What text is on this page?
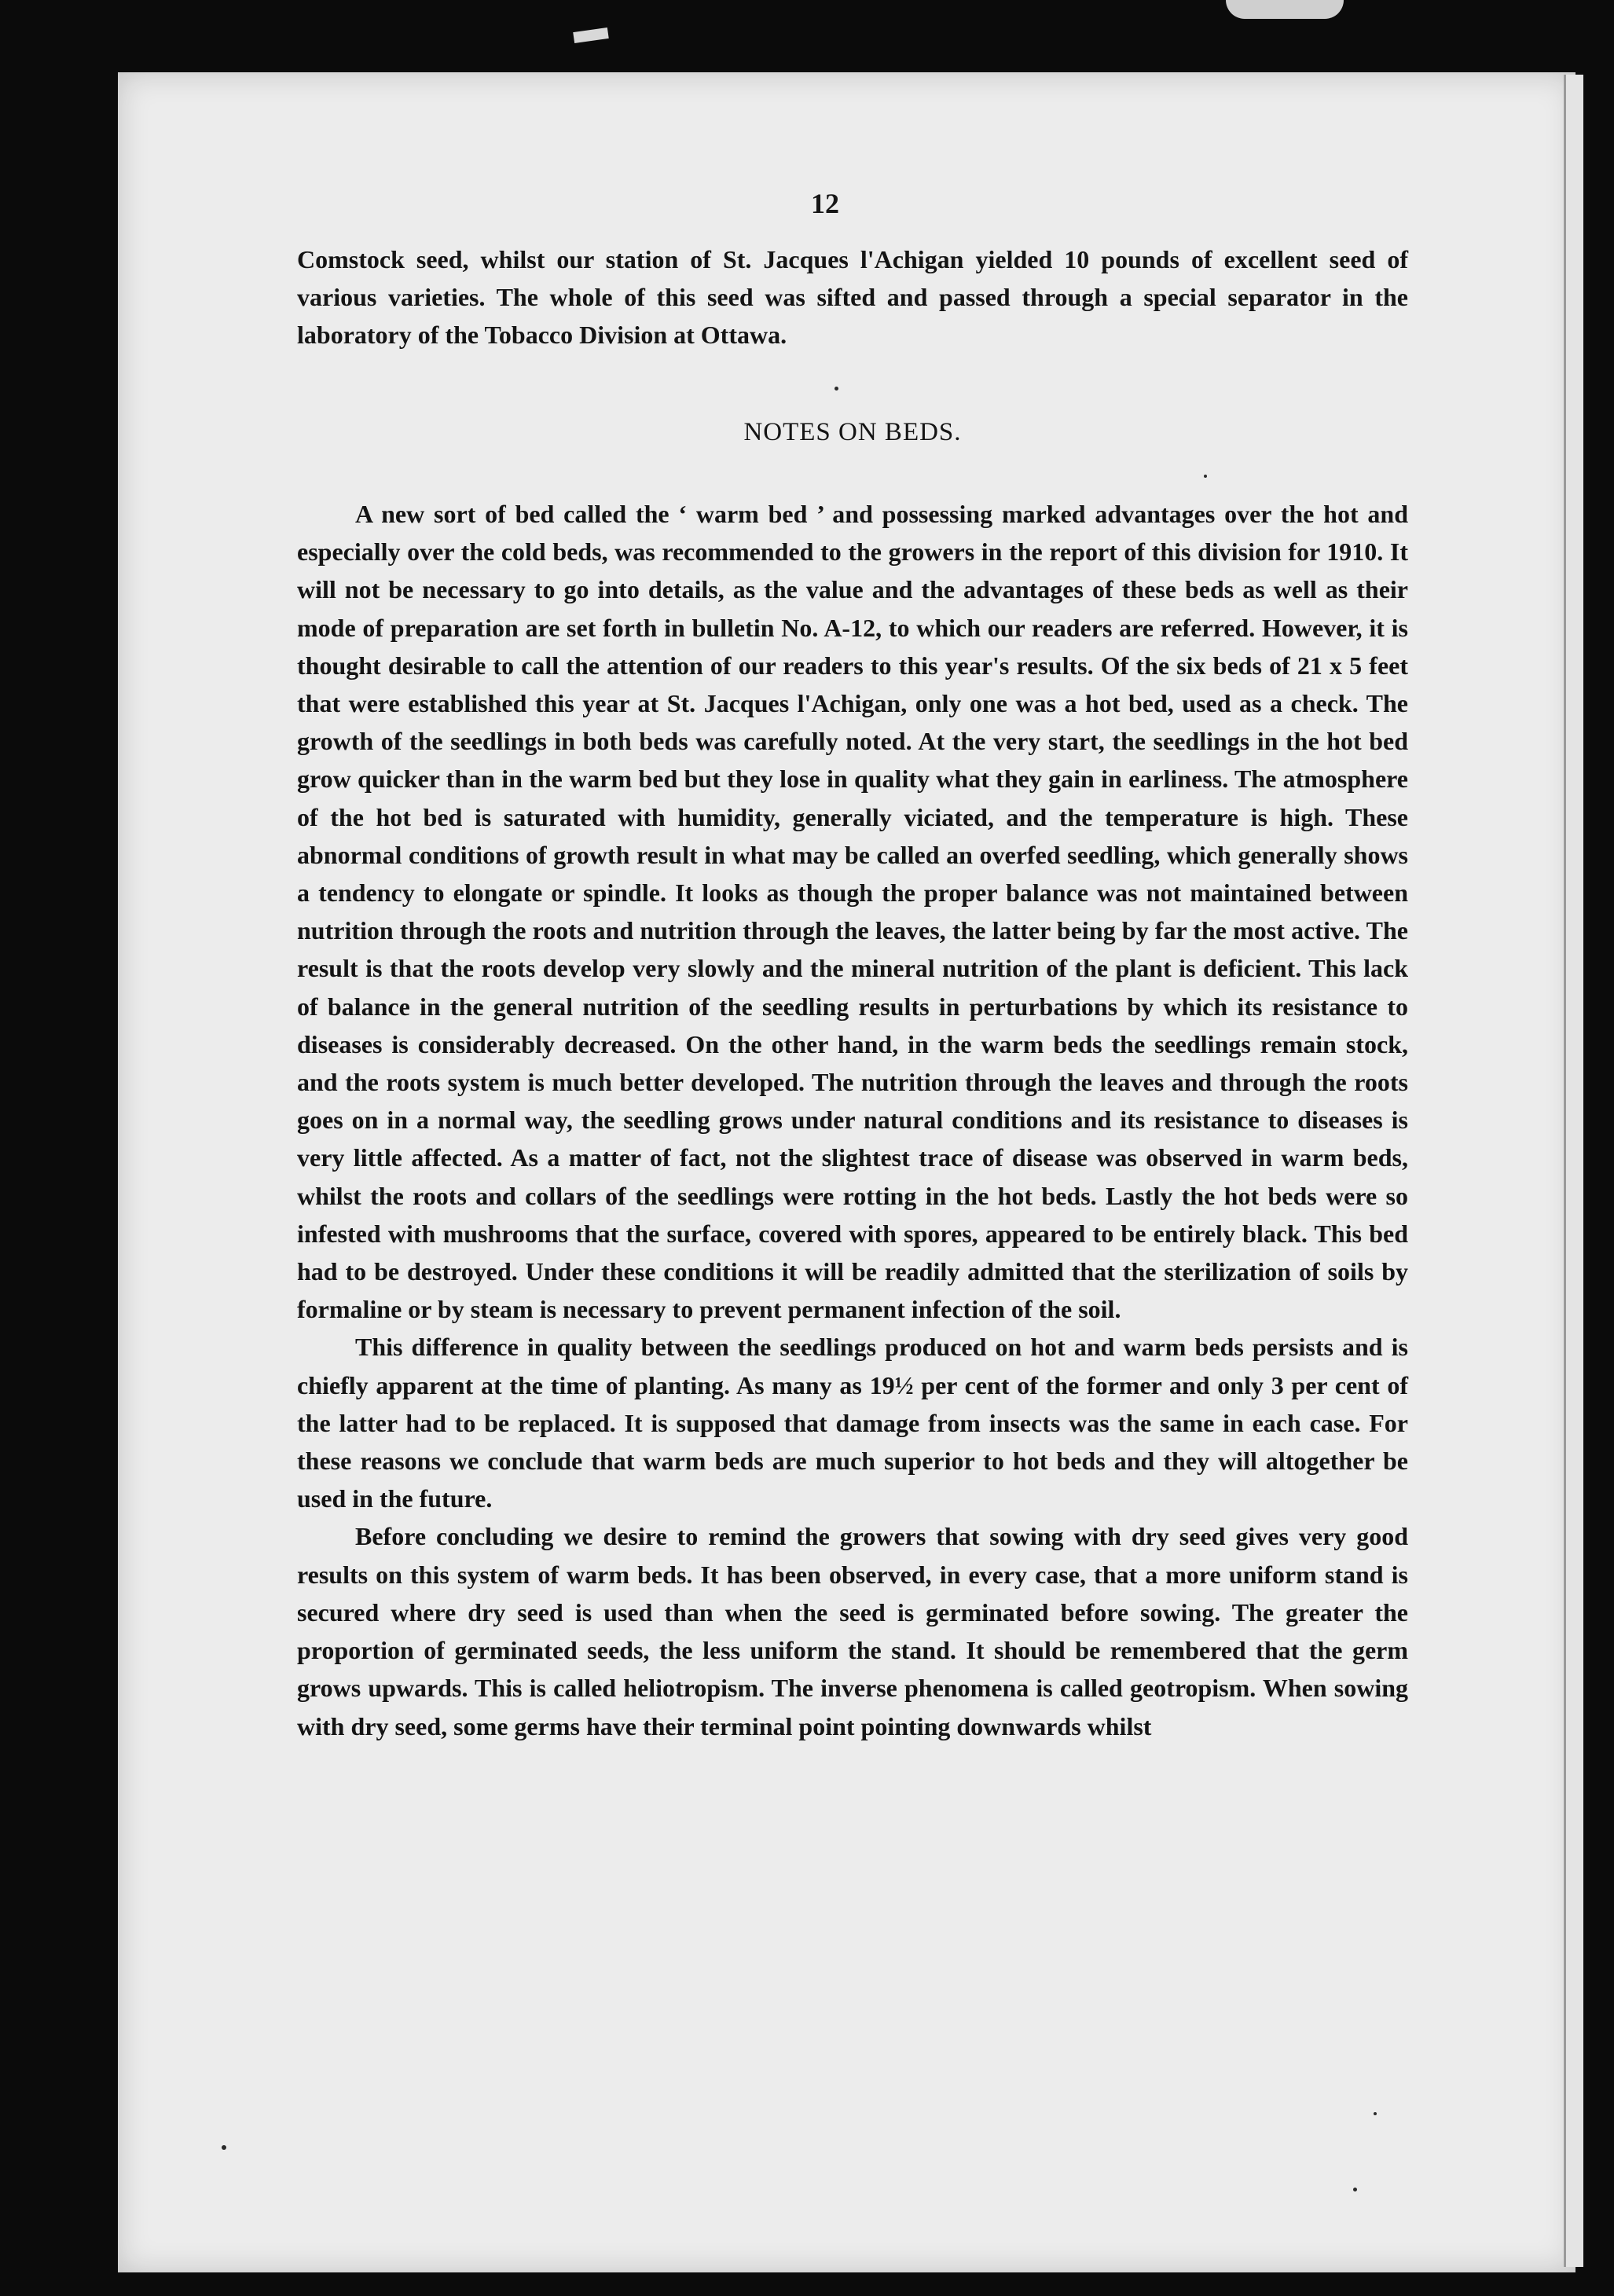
12

Comstock seed, whilst our station of St. Jacques l'Achigan yielded 10 pounds of excellent seed of various varieties. The whole of this seed was sifted and passed through a special separator in the laboratory of the Tobacco Division at Ottawa.

NOTES ON BEDS.

A new sort of bed called the ‘ warm bed ’ and possessing marked advantages over the hot and especially over the cold beds, was recommended to the growers in the report of this division for 1910. It will not be necessary to go into details, as the value and the advantages of these beds as well as their mode of preparation are set forth in bulletin No. A-12, to which our readers are referred. However, it is thought desirable to call the attention of our readers to this year's results. Of the six beds of 21 x 5 feet that were established this year at St. Jacques l'Achigan, only one was a hot bed, used as a check. The growth of the seedlings in both beds was carefully noted. At the very start, the seedlings in the hot bed grow quicker than in the warm bed but they lose in quality what they gain in earliness. The atmosphere of the hot bed is saturated with humidity, generally viciated, and the temperature is high. These abnormal conditions of growth result in what may be called an overfed seedling, which generally shows a tendency to elongate or spindle. It looks as though the proper balance was not maintained between nutrition through the roots and nutrition through the leaves, the latter being by far the most active. The result is that the roots develop very slowly and the mineral nutrition of the plant is deficient. This lack of balance in the general nutrition of the seedling results in perturbations by which its resistance to diseases is considerably decreased. On the other hand, in the warm beds the seedlings remain stock, and the roots system is much better developed. The nutrition through the leaves and through the roots goes on in a normal way, the seedling grows under natural conditions and its resistance to diseases is very little affected. As a matter of fact, not the slightest trace of disease was observed in warm beds, whilst the roots and collars of the seedlings were rotting in the hot beds. Lastly the hot beds were so infested with mushrooms that the surface, covered with spores, appeared to be entirely black. This bed had to be destroyed. Under these conditions it will be readily admitted that the sterilization of soils by formaline or by steam is necessary to prevent permanent infection of the soil.

This difference in quality between the seedlings produced on hot and warm beds persists and is chiefly apparent at the time of planting. As many as 19½ per cent of the former and only 3 per cent of the latter had to be replaced. It is supposed that damage from insects was the same in each case. For these reasons we conclude that warm beds are much superior to hot beds and they will altogether be used in the future.

Before concluding we desire to remind the growers that sowing with dry seed gives very good results on this system of warm beds. It has been observed, in every case, that a more uniform stand is secured where dry seed is used than when the seed is germinated before sowing. The greater the proportion of germinated seeds, the less uniform the stand. It should be remembered that the germ grows upwards. This is called heliotropism. The inverse phenomena is called geotropism. When sowing with dry seed, some germs have their terminal point pointing downwards whilst
